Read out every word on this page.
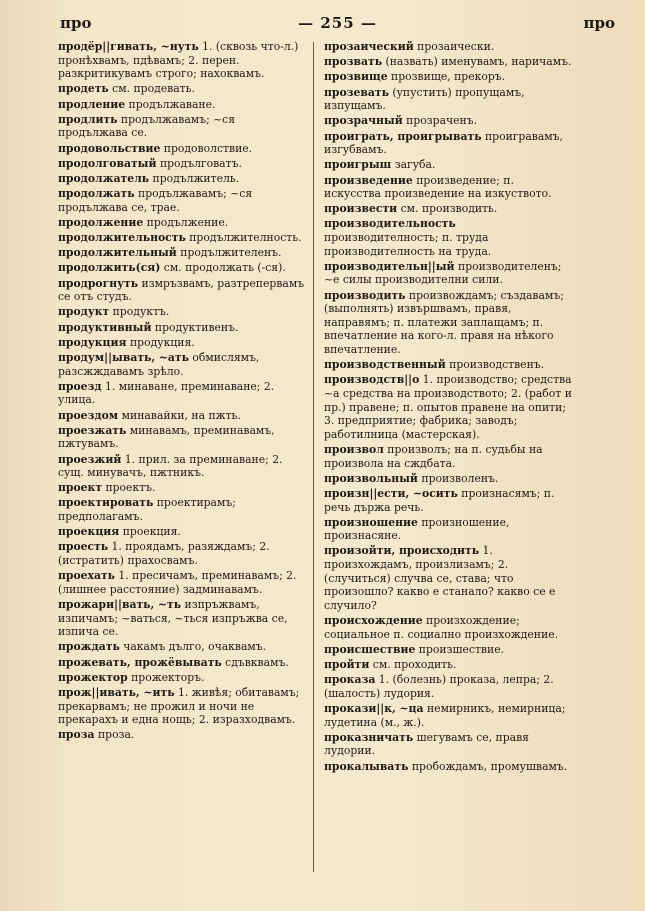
про	— 255 —	про

продёр||гивать, ~нуть 1. (сквозь что-л.) пронѣхвамъ, пдѣвамъ; 2. перен. разкритикувамъ строго; нахоквамъ.

продеть см. продевать.

продление продължаване.

продлить продължавамъ; ~ся продължава се.

продовольствие продоволствие.

продолговатый продълговатъ.

продолжатель продължитель.

продолжать продължавамъ; ~ся продължава се, трае.

продолжение продължение.

продолжительность продължителность.

продолжительный продължителенъ.

продолжить(ся) см. продолжать (-ся).

продрогнуть измръзвамъ, разтрепервамъ се отъ студъ.

продукт продуктъ.

продуктивный продуктивенъ.

продукция продукция.

продум||ывать, ~ать обмислямъ, разсжждавамъ зрѣло.

проезд 1. минаване, преминаване; 2. улица.

проездом минавайки, на пжть.

проезжать минавамъ, преминавамъ, пжтувамъ.

проезжий 1. прил. за преминаване; 2. сущ. минувачъ, пжтникъ.

проект проектъ.

проектировать проектирамъ; предполагамъ.

проекция проекция.

проесть 1. проядамъ, разяждамъ; 2. (истратить) прахосвамъ.

проехать 1. пресичамъ, преминавамъ; 2. (лишнее расстояние) задминавамъ.

прожари||вать, ~ть изпръжвамъ, изпичамъ; ~ваться, ~ться изпръжва се, изпича се.

прождать чакамъ дълго, очаквамъ.

прожевать, прожёвывать сдъвквамъ.

прожектор прожекторъ.

прож||ивать, ~ить 1. живѣя; обитавамъ; прекарвамъ; не прожил и ночи не прекарахъ и една нощь; 2. изразходвамъ.

проза проза.

прозаический прозаически.

прозвать (назвать) именувамъ, наричамъ.

прозвище прозвище, прекоръ.

прозевать (упустить) пропущамъ, изпущамъ.

прозрачный прозраченъ.

проиграть, проигрывать проигравамъ, изгубвамъ.

проигрыш загуба.

произведение произведение; п. искусства произведение на изкуството.

произвести см. производить.

производительность производителность; п. труда производителность на труда.

производительн||ый производителенъ; ~е силы производителни сили.

производить произвождамъ; създавамъ; (выполнять) извършвамъ, правя, направямъ; п. платежи заплащамъ; п. впечатление на кого-л. правя на нѣкого впечатление.

производственный производственъ.

производств||о 1. производство; средства ~а средства на производството; 2. (работ и пр.) правене; п. опытов правене на опити; 3. предприятие; фабрика; заводъ; работилница (мастерская).

произвол произволъ; на п. судьбы на произвола на сждбата.

произвольный произволенъ.

произн||ести, ~осить произнасямъ; п. речь държа речь.

произношение произношение, произнасяне.

произойти, происходить 1. произхождамъ, произлизамъ; 2. (случиться) случва се, става; что произошло? какво е станало? какво се е случило?

происхождение произхождение; социальное п. социално произхождение.

происшествие произшествие.

пройти см. проходить.

проказа 1. (болезнь) проказа, лепра; 2. (шалость) лудория.

прокази||к, ~ца немирникъ, немирница; лудетина (м., ж.).

проказничать шегувамъ се, правя лудории.

прокалывать пробождамъ, промушвамъ.
